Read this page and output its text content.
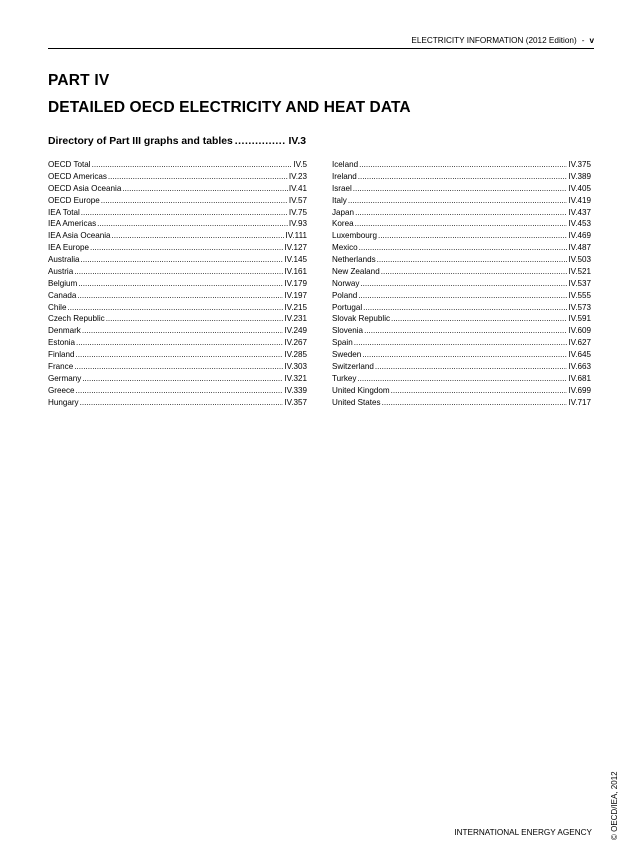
ELECTRICITY INFORMATION (2012 Edition) - v
PART IV
DETAILED OECD ELECTRICITY AND HEAT DATA
Directory of Part III graphs and tables .....	IV.3
OECD Total .....	IV.5
OECD Americas .....	IV.23
OECD Asia Oceania .....	IV.41
OECD Europe .....	IV.57
IEA Total .....	IV.75
IEA Americas .....	IV.93
IEA Asia Oceania .....	IV.111
IEA Europe .....	IV.127
Australia .....	IV.145
Austria .....	IV.161
Belgium .....	IV.179
Canada .....	IV.197
Chile .....	IV.215
Czech Republic .....	IV.231
Denmark .....	IV.249
Estonia .....	IV.267
Finland .....	IV.285
France .....	IV.303
Germany .....	IV.321
Greece .....	IV.339
Hungary .....	IV.357
Iceland .....	IV.375
Ireland .....	IV.389
Israel .....	IV.405
Italy .....	IV.419
Japan .....	IV.437
Korea .....	IV.453
Luxembourg .....	IV.469
Mexico .....	IV.487
Netherlands .....	IV.503
New Zealand .....	IV.521
Norway .....	IV.537
Poland .....	IV.555
Portugal .....	IV.573
Slovak Republic .....	IV.591
Slovenia .....	IV.609
Spain .....	IV.627
Sweden .....	IV.645
Switzerland .....	IV.663
Turkey .....	IV.681
United Kingdom .....	IV.699
United States .....	IV.717
© OECD/IEA, 2012
INTERNATIONAL ENERGY AGENCY
